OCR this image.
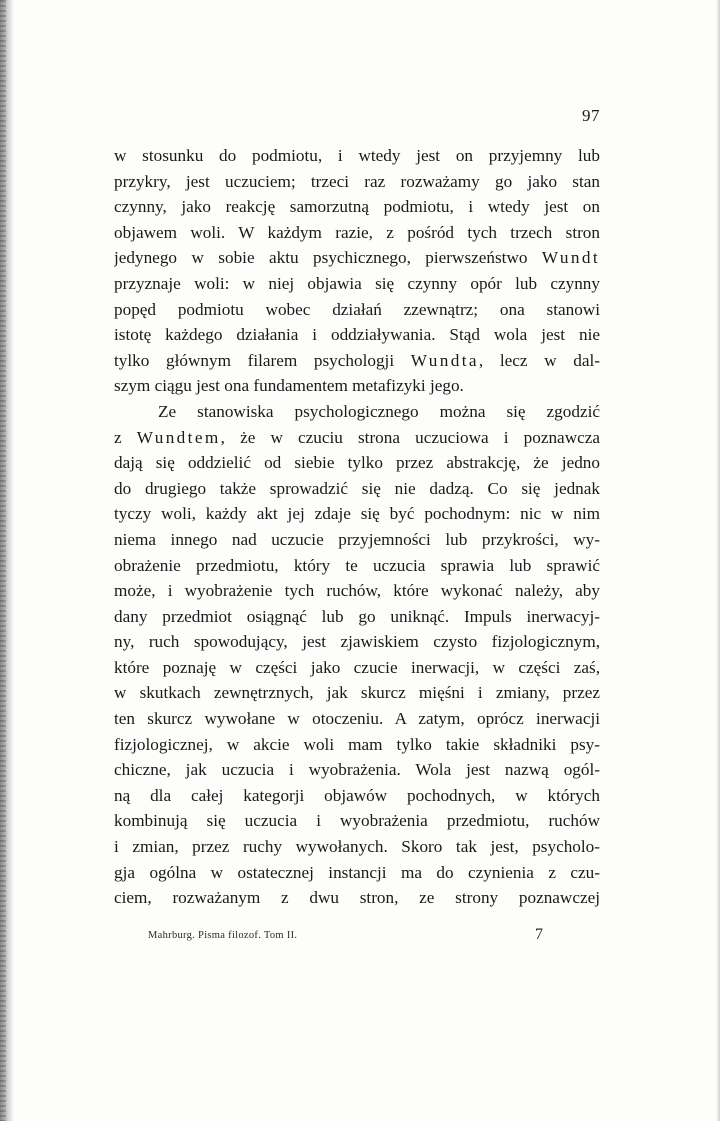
97
w stosunku do podmiotu, i wtedy jest on przyjemny lub
przykry, jest uczuciem; trzeci raz rozważamy go jako stan
czynny, jako reakcję samorzutną podmiotu, i wtedy jest on
objawem woli. W każdym razie, z pośród tych trzech stron
jedynego w sobie aktu psychicznego, pierwszeństwo Wundt
przyznaje woli: w niej objawia się czynny opór lub czynny
popęd podmiotu wobec działań zzewnątrz; ona stanowi
istotę każdego działania i oddziaływania. Stąd wola jest nie
tylko głównym filarem psychologji Wundta, lecz w dal-
szym ciągu jest ona fundamentem metafizyki jego.
Ze stanowiska psychologicznego można się zgodzić
z Wundtem, że w czuciu strona uczuciowa i poznawcza
dają się oddzielić od siebie tylko przez abstrakcję, że jedno
do drugiego także sprowadzić się nie dadzą. Co się jednak
tyczy woli, każdy akt jej zdaje się być pochodnym: nic w nim
niema innego nad uczucie przyjemności lub przykrości, wy-
obrażenie przedmiotu, który te uczucia sprawia lub sprawić
może, i wyobrażenie tych ruchów, które wykonać należy, aby
dany przedmiot osiągnąć lub go uniknąć. Impuls inerwacyj-
ny, ruch spowodujący, jest zjawiskiem czysto fizjologicznym,
które poznaję w części jako czucie inerwacji, w części zaś,
w skutkach zewnętrznych, jak skurcz mięśni i zmiany, przez
ten skurcz wywołane w otoczeniu. A zatym, oprócz inerwacji
fizjologicznej, w akcie woli mam tylko takie składniki psy-
chiczne, jak uczucia i wyobrażenia. Wola jest nazwą ogól-
ną dla całej kategorji objawów pochodnych, w których
kombinują się uczucia i wyobrażenia przedmiotu, ruchów
i zmian, przez ruchy wywołanych. Skoro tak jest, psycholo-
gja ogólna w ostatecznej instancji ma do czynienia z czu-
ciem, rozważanym z dwu stron, ze strony poznawczej
Mahrburg. Pisma filozof. Tom II.	7
